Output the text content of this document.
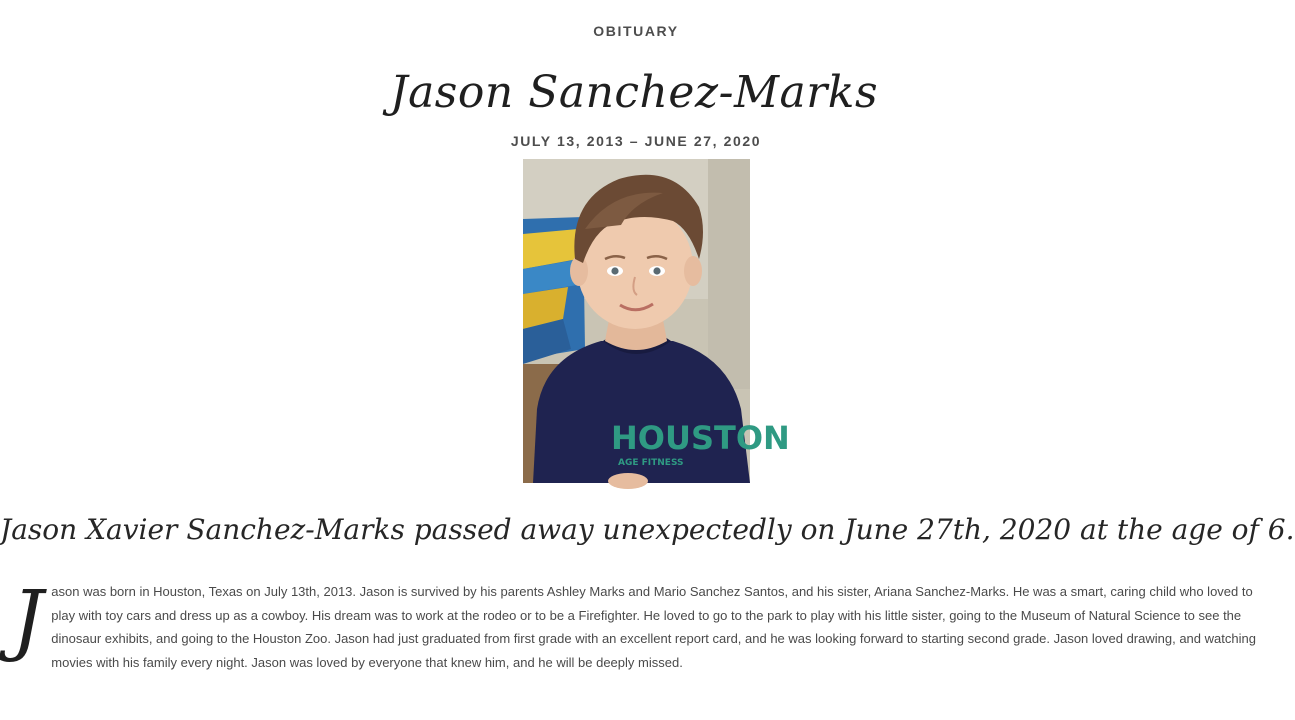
OBITUARY
Jason Sanchez-Marks
JULY 13, 2013 – JUNE 27, 2020
HOUSTON
AGE FITNESS
Jason Xavier Sanchez-Marks passed away unexpectedly on June 27th, 2020 at the age of 6.
J ason was born in Houston, Texas on July 13th, 2013. Jason is survived by his parents Ashley Marks and Mario Sanchez Santos, and his sister, Ariana Sanchez-Marks. He was a smart, caring child who loved to play with toy cars and dress up as a cowboy. His dream was to work at the rodeo or to be a Firefighter. He loved to go to the park to play with his little sister, going to the Museum of Natural Science to see the dinosaur exhibits, and going to the Houston Zoo. Jason had just graduated from first grade with an excellent report card, and he was looking forward to starting second grade. Jason loved drawing, and watching movies with his family every night. Jason was loved by everyone that knew him, and he will be deeply missed.
